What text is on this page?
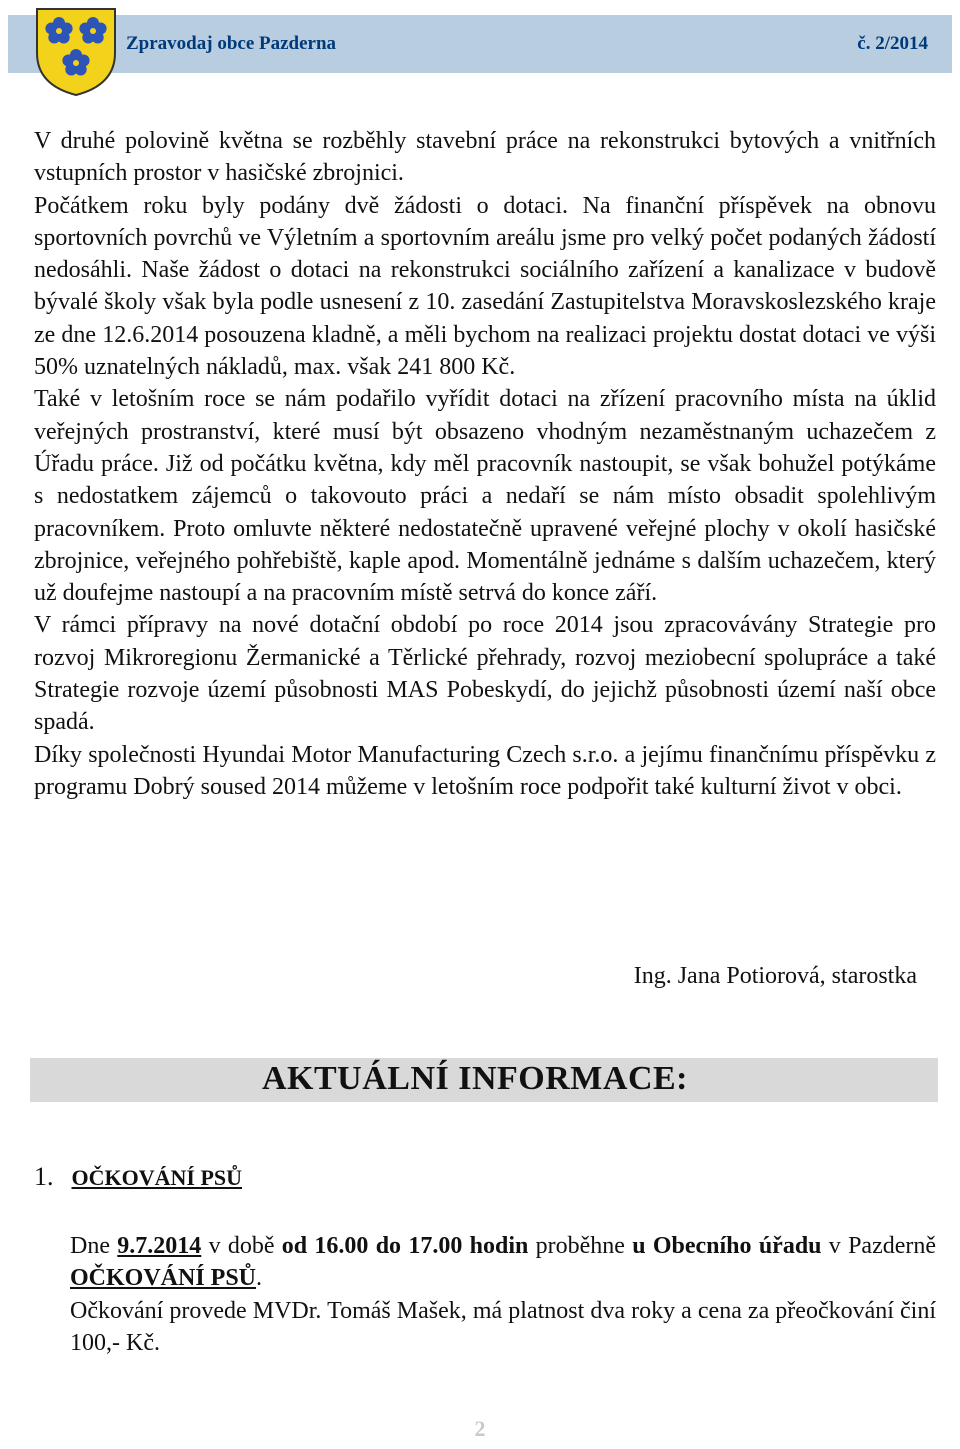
Zpravodaj obce Pazderna	č. 2/2014

V druhé polovině května se rozběhly stavební práce na rekonstrukci bytových a vnitřních vstupních prostor v hasičské zbrojnici.

Počátkem roku byly podány dvě žádosti o dotaci. Na finanční příspěvek na obnovu sportovních povrchů ve Výletním a sportovním areálu jsme pro velký počet podaných žádostí nedosáhli. Naše žádost o dotaci na rekonstrukci sociálního zařízení a kanalizace v budově bývalé školy však byla podle usnesení z 10. zasedání Zastupitelstva Moravskoslezského kraje ze dne 12.6.2014 posouzena kladně, a měli bychom na realizaci projektu dostat dotaci ve výši 50% uznatelných nákladů, max. však 241 800 Kč.

Také v letošním roce se nám podařilo vyřídit dotaci na zřízení pracovního místa na úklid veřejných prostranství, které musí být obsazeno vhodným nezaměstnaným uchazečem z Úřadu práce. Již od počátku května, kdy měl pracovník nastoupit, se však bohužel potýkáme s nedostatkem zájemců o takovouto práci a nedaří se nám místo obsadit spolehlivým pracovníkem. Proto omluvte některé nedostatečně upravené veřejné plochy v okolí hasičské zbrojnice, veřejného pohřebiště, kaple apod. Momentálně jednáme s dalším uchazečem, který už doufejme nastoupí a na pracovním místě setrvá do konce září.

V rámci přípravy na nové dotační období po roce 2014 jsou zpracovávány Strategie pro rozvoj Mikroregionu Žermanické a Těrlické přehrady, rozvoj meziobecní spolupráce a také Strategie rozvoje území působnosti MAS Pobeskydí, do jejichž působnosti území naší obce spadá.

Díky společnosti Hyundai Motor Manufacturing Czech s.r.o. a jejímu finančnímu příspěvku z programu Dobrý soused 2014 můžeme v letošním roce podpořit také kulturní život v obci.

Ing. Jana Potiorová, starostka
AKTUÁLNÍ INFORMACE:
1. OČKOVÁNÍ PSŮ

Dne 9.7.2014 v době od 16.00 do 17.00 hodin proběhne u Obecního úřadu v Pazderně OČKOVÁNÍ PSŮ.

Očkování provede MVDr. Tomáš Mašek, má platnost dva roky a cena za přeočkování činí 100,- Kč.

2
